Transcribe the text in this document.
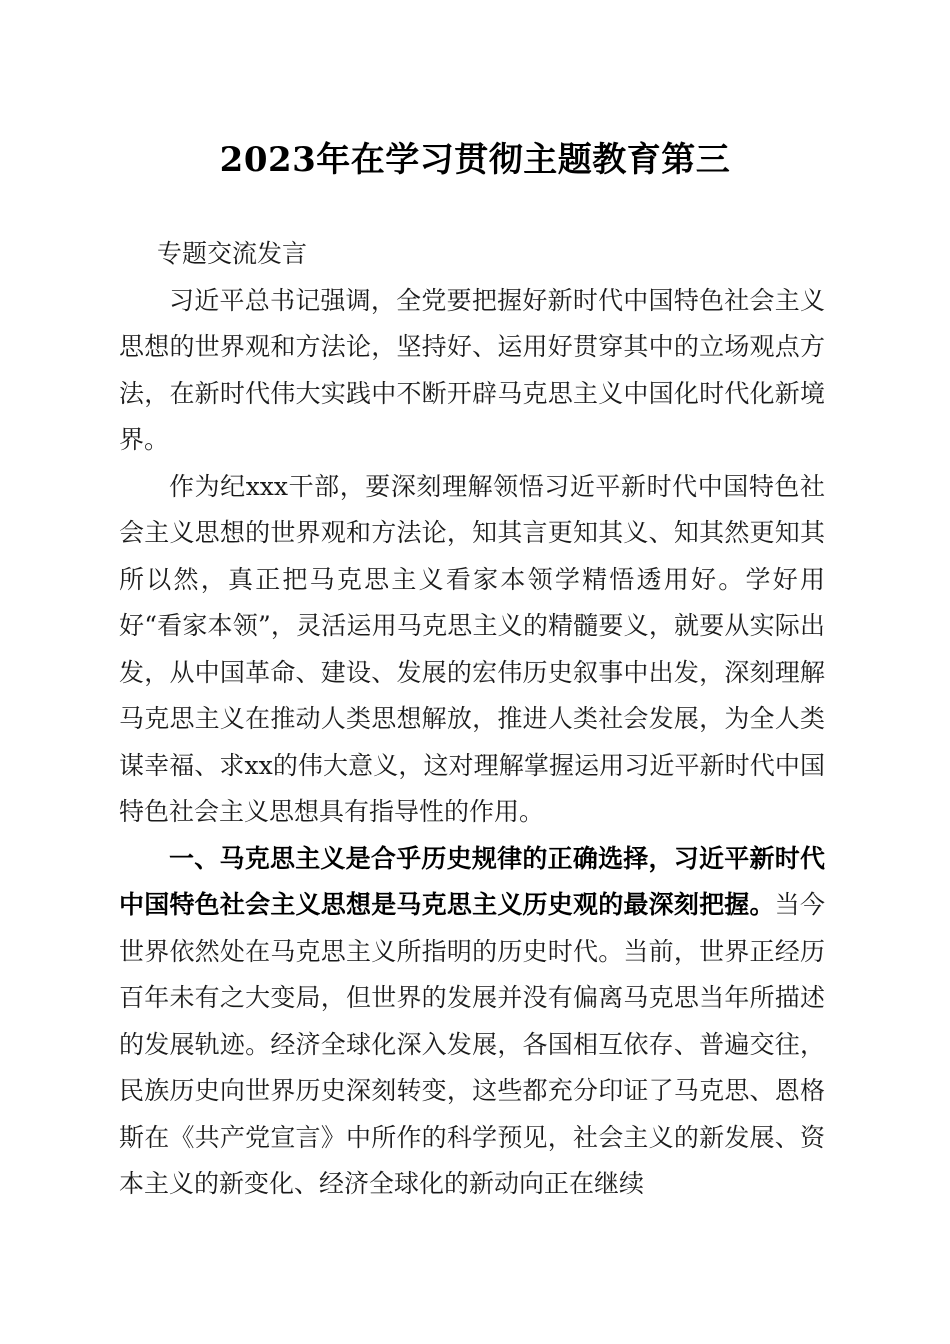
2023年在学习贯彻主题教育第三

专题交流发言

习近平总书记强调，全党要把握好新时代中国特色社会主义思想的世界观和方法论，坚持好、运用好贯穿其中的立场观点方法，在新时代伟大实践中不断开辟马克思主义中国化时代化新境界。

作为纪xxx干部，要深刻理解领悟习近平新时代中国特色社会主义思想的世界观和方法论，知其言更知其义、知其然更知其所以然，真正把马克思主义看家本领学精悟透用好。学好用好“看家本领”，灵活运用马克思主义的精髓要义，就要从实际出发，从中国革命、建设、发展的宏伟历史叙事中出发，深刻理解马克思主义在推动人类思想解放，推进人类社会发展，为全人类谋幸福、求xx的伟大意义，这对理解掌握运用习近平新时代中国特色社会主义思想具有指导性的作用。

一、马克思主义是合乎历史规律的正确选择，习近平新时代中国特色社会主义思想是马克思主义历史观的最深刻把握。当今世界依然处在马克思主义所指明的历史时代。当前，世界正经历百年未有之大变局，但世界的发展并没有偏离马克思当年所描述的发展轨迹。经济全球化深入发展，各国相互依存、普遍交往，民族历史向世界历史深刻转变，这些都充分印证了马克思、恩格斯在《共产党宣言》中所作的科学预见，社会主义的新发展、资本主义的新变化、经济全球化的新动向正在继续
